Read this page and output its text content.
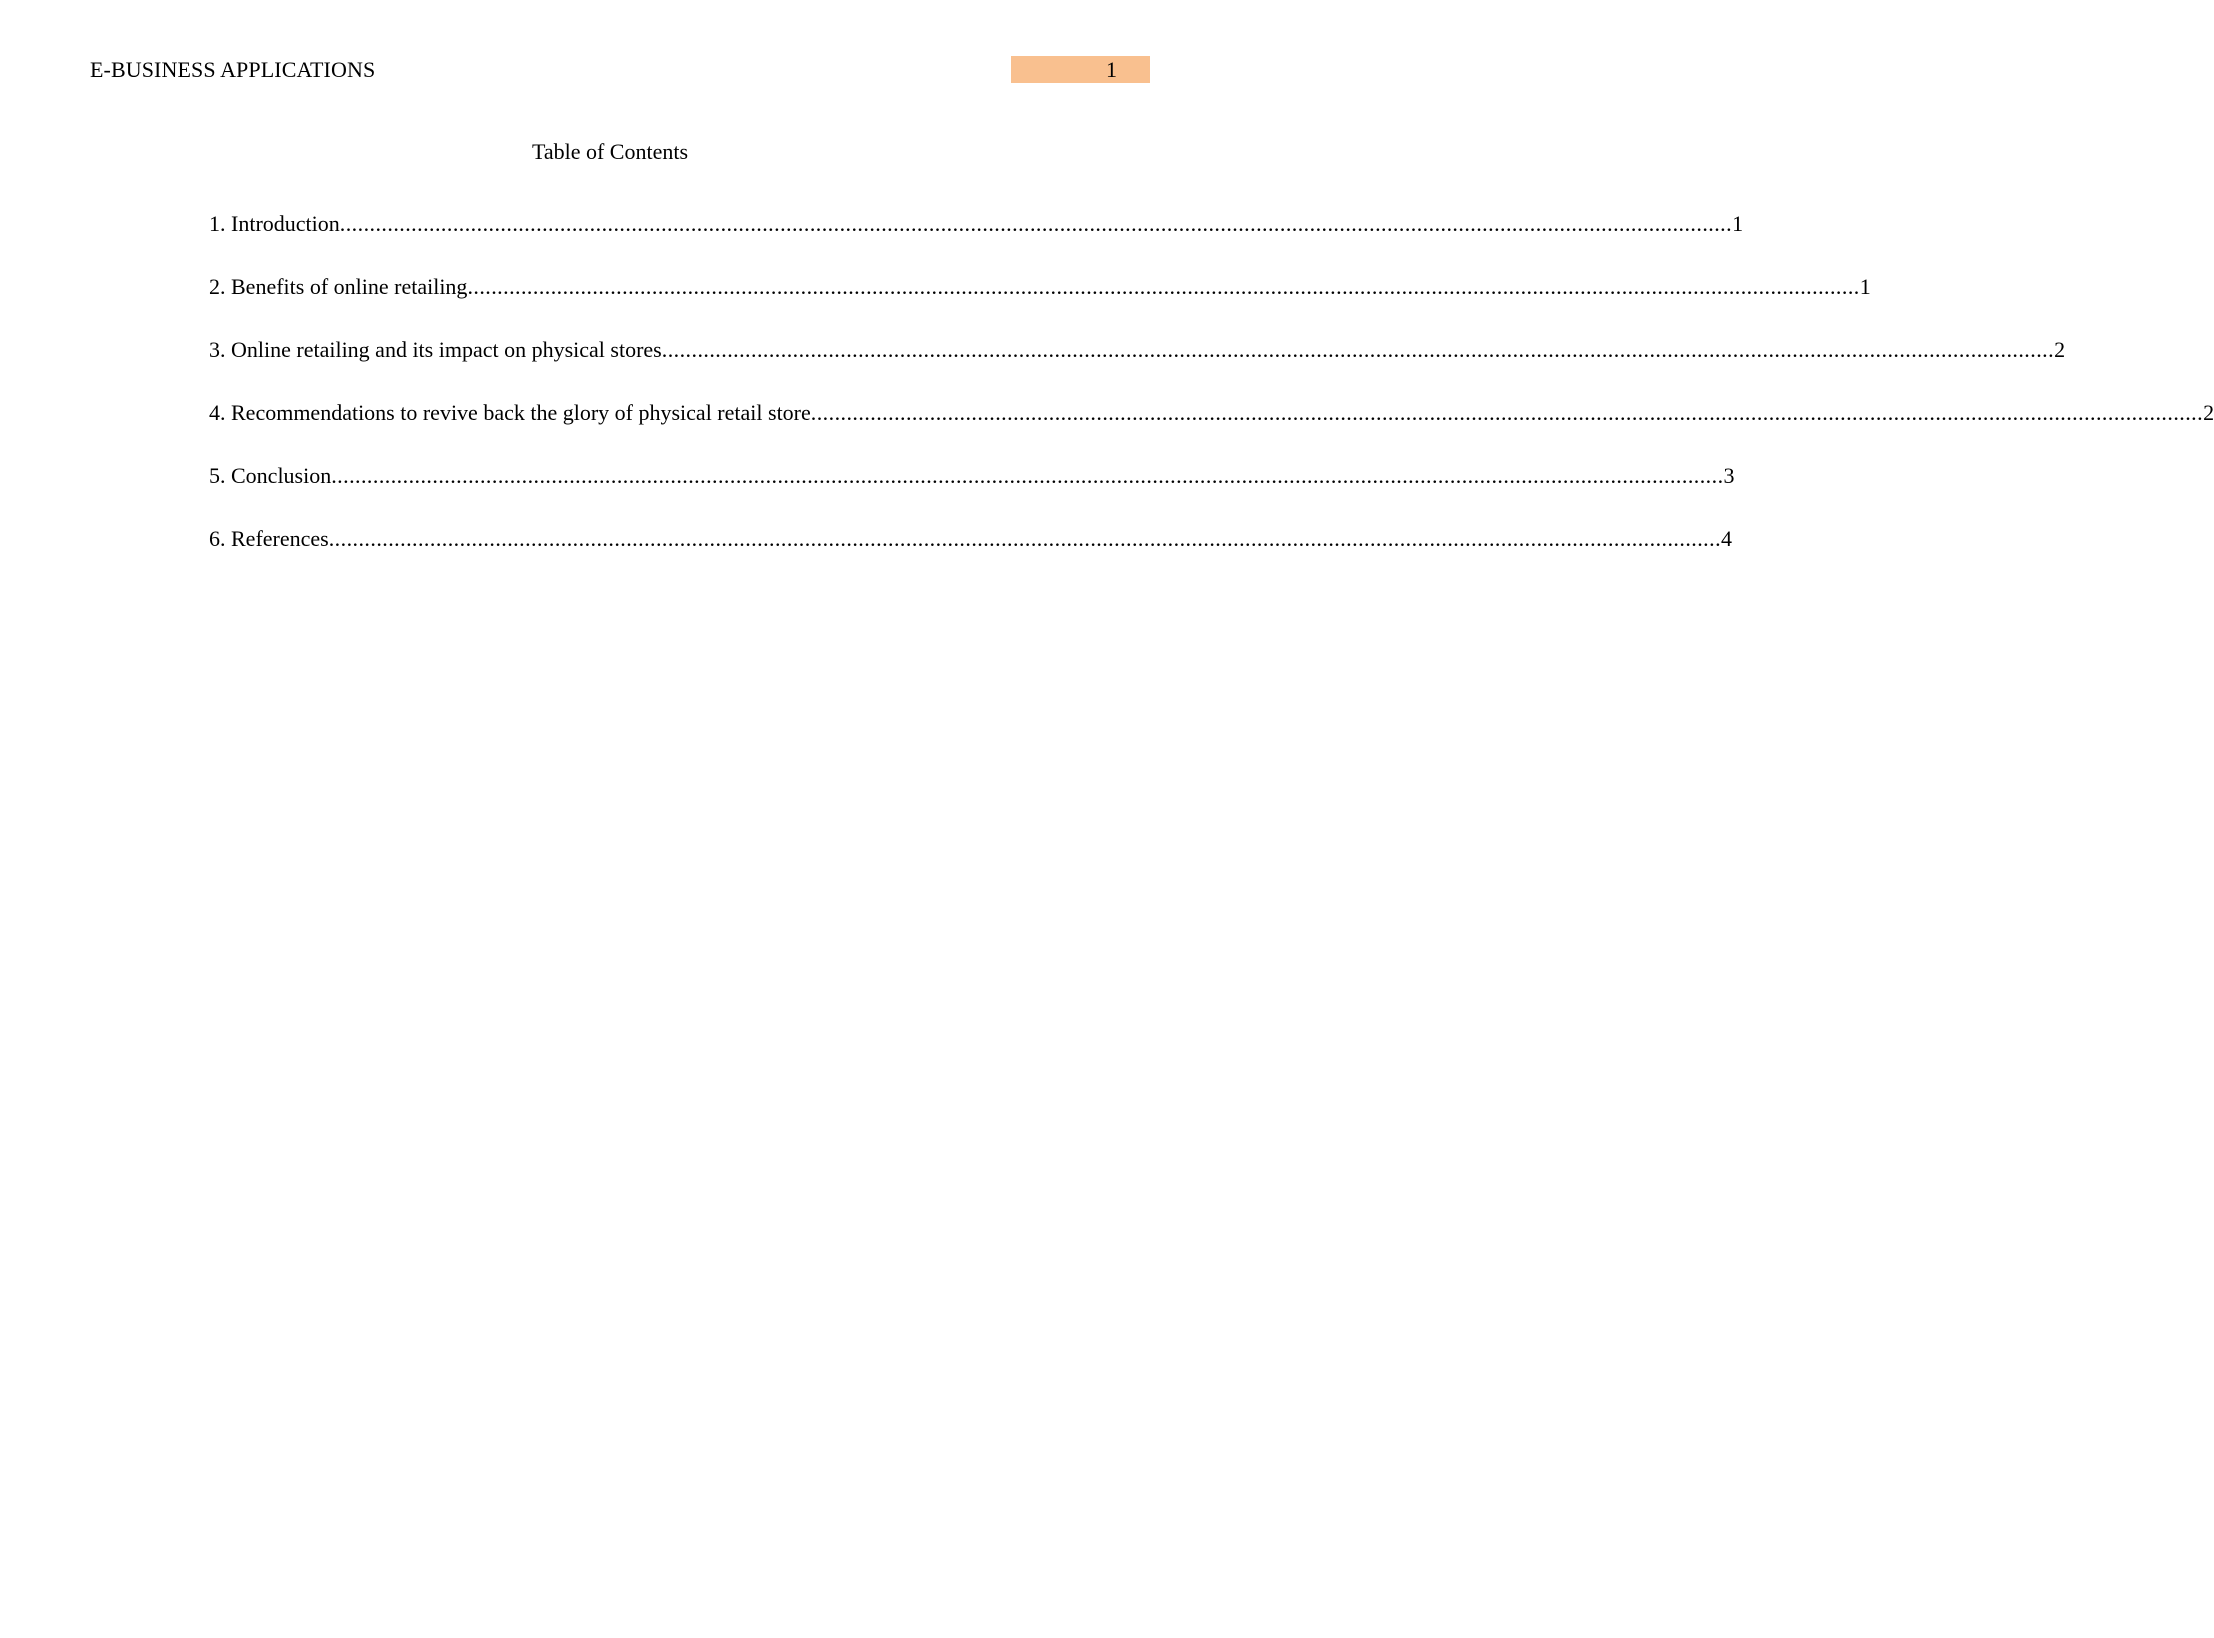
E-BUSINESS APPLICATIONS	1
Table of Contents
1. Introduction .......................................................................................................................................................................................................................................... 1
2. Benefits of online retailing .......................................................................................................................................................................................................................................... 1
3. Online retailing and its impact on physical stores .......................................................................................................................................................................................................................................... 2
4. Recommendations to revive back the glory of physical retail store .......................................................................................................................................................................................................................................... 2
5. Conclusion .......................................................................................................................................................................................................................................... 3
6. References .......................................................................................................................................................................................................................................... 4
